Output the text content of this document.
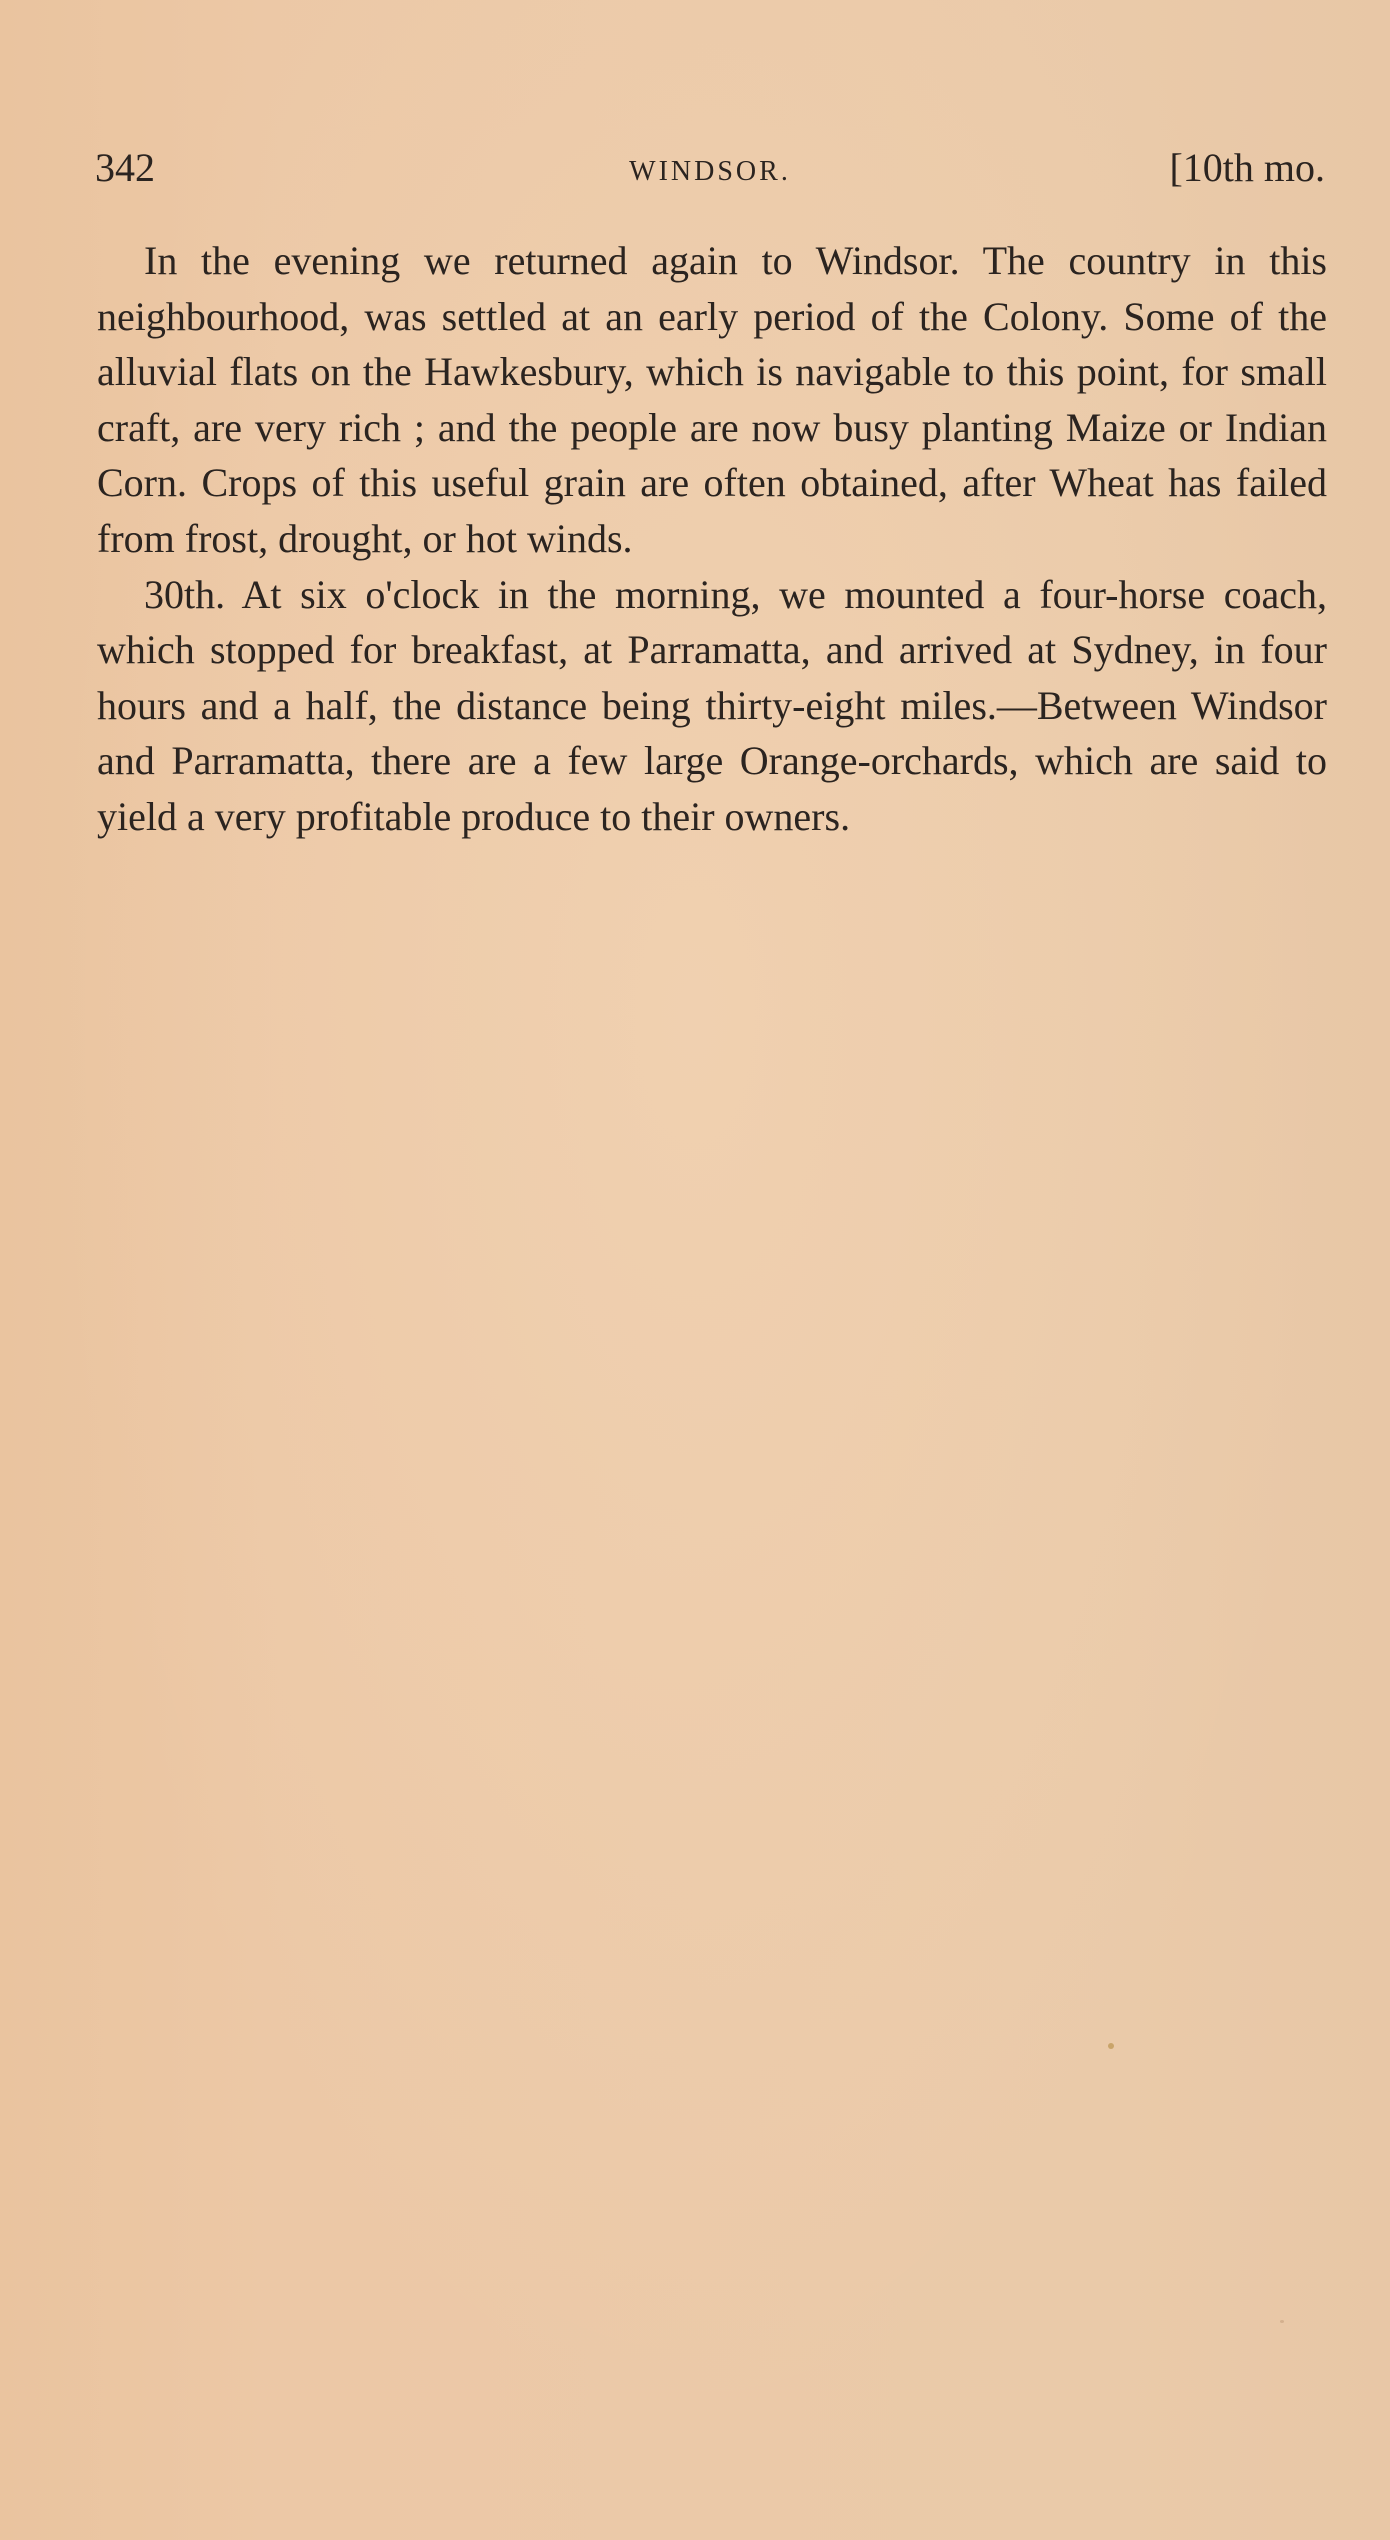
342	WINDSOR.	[10th mo.

In the evening we returned again to Windsor. The country in this neighbourhood, was settled at an early period of the Colony. Some of the alluvial flats on the Hawkesbury, which is navigable to this point, for small craft, are very rich ; and the people are now busy planting Maize or Indian Corn. Crops of this useful grain are often obtained, after Wheat has failed from frost, drought, or hot winds.

30th. At six o'clock in the morning, we mounted a four-horse coach, which stopped for breakfast, at Parramatta, and arrived at Sydney, in four hours and a half, the distance being thirty-eight miles.—Between Windsor and Parramatta, there are a few large Orange-orchards, which are said to yield a very profitable produce to their owners.
